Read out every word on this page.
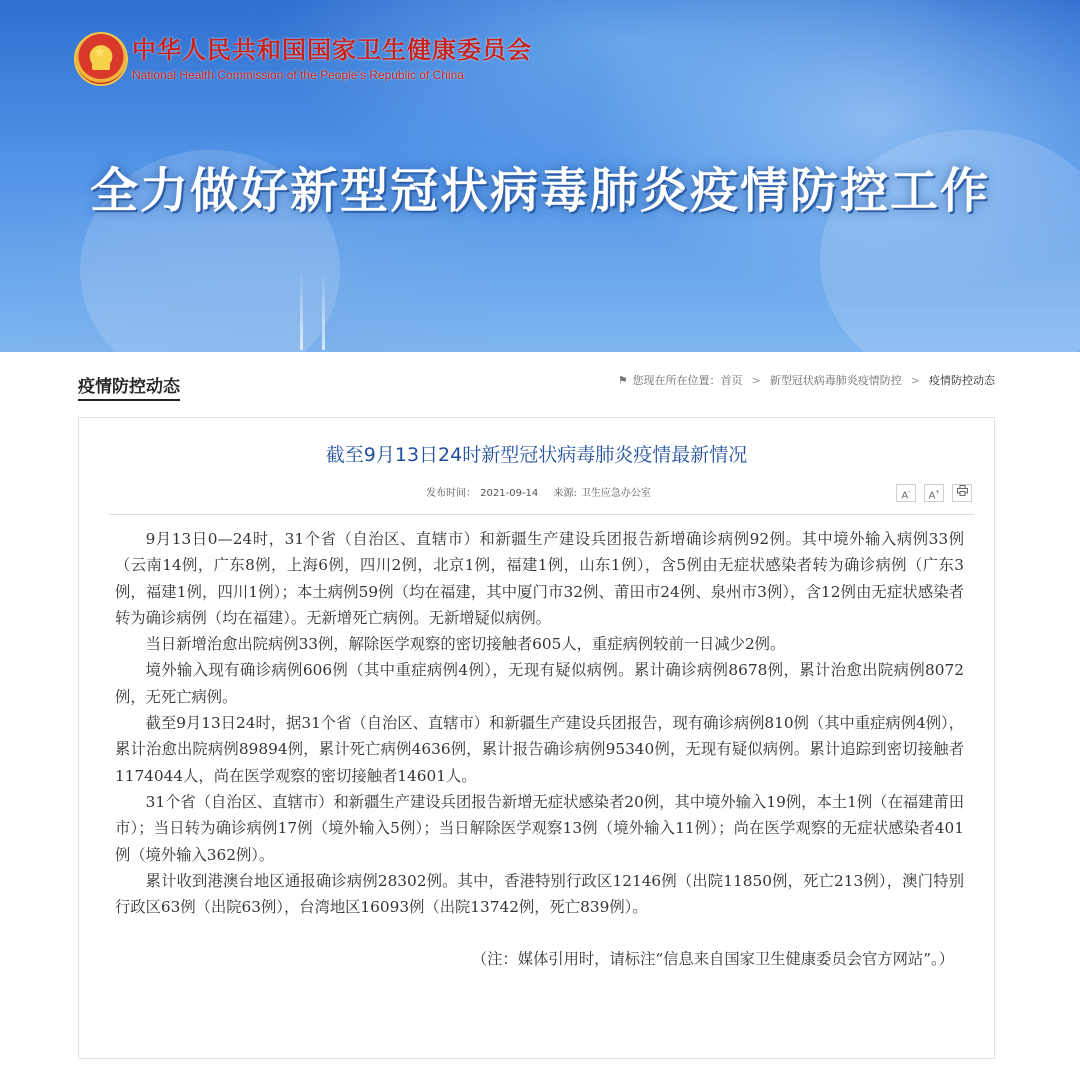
★ 中华人民共和国国家卫生健康委员会
National Health Commission of the People’s Republic of China
全力做好新型冠状病毒肺炎疫情防控工作
疫情防控动态	⚑ 您现在所在位置： 首页 > 新型冠状病毒肺炎疫情防控 > 疫情防控动态
截至9月13日24时新型冠状病毒肺炎疫情最新情况
发布时间： 2021-09-14 来源: 卫生应急办公室	A-	A+

9月13日0—24时，31个省（自治区、直辖市）和新疆生产建设兵团报告新增确诊病例92例。其中境外输入病例33例（云南14例，广东8例，上海6例，四川2例，北京1例，福建1例，山东1例），含5例由无症状感染者转为确诊病例（广东3例，福建1例，四川1例）；本土病例59例（均在福建，其中厦门市32例、莆田市24例、泉州市3例），含12例由无症状感染者转为确诊病例（均在福建）。无新增死亡病例。无新增疑似病例。

当日新增治愈出院病例33例，解除医学观察的密切接触者605人，重症病例较前一日减少2例。

境外输入现有确诊病例606例（其中重症病例4例），无现有疑似病例。累计确诊病例8678例，累计治愈出院病例8072例，无死亡病例。

截至9月13日24时，据31个省（自治区、直辖市）和新疆生产建设兵团报告，现有确诊病例810例（其中重症病例4例），累计治愈出院病例89894例，累计死亡病例4636例，累计报告确诊病例95340例，无现有疑似病例。累计追踪到密切接触者1174044人，尚在医学观察的密切接触者14601人。

31个省（自治区、直辖市）和新疆生产建设兵团报告新增无症状感染者20例，其中境外输入19例，本土1例（在福建莆田市）；当日转为确诊病例17例（境外输入5例）；当日解除医学观察13例（境外输入11例）；尚在医学观察的无症状感染者401例（境外输入362例）。

累计收到港澳台地区通报确诊病例28302例。其中，香港特别行政区12146例（出院11850例，死亡213例），澳门特别行政区63例（出院63例），台湾地区16093例（出院13742例，死亡839例）。

（注：媒体引用时，请标注“信息来自国家卫生健康委员会官方网站”。）
